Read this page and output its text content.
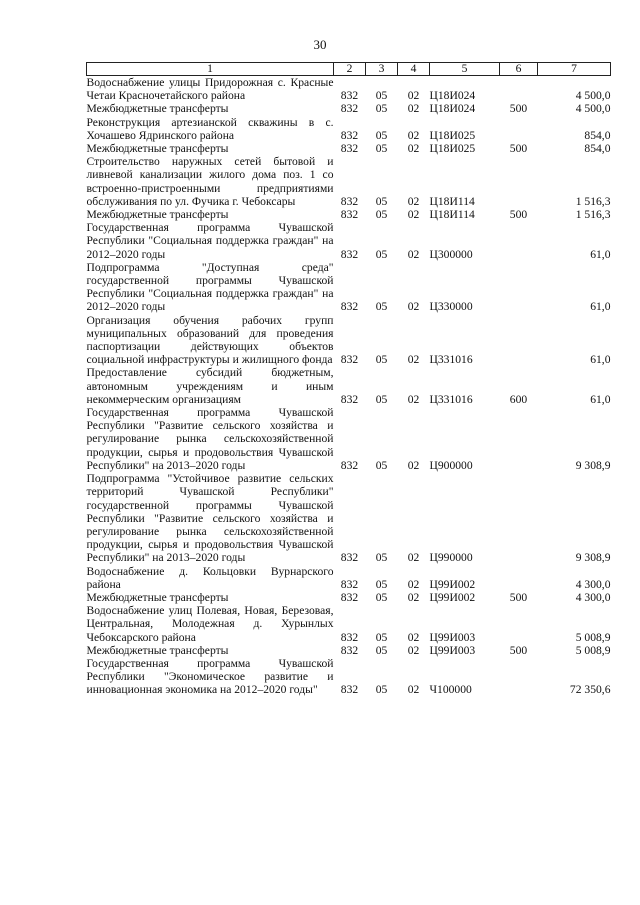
30
1	2	3	4	5	6	7
Водоснабжение улицы Придорожная с. Красные Четаи Красночетайского района	832	05	02	Ц18И024		4 500,0
Межбюджетные трансферты	832	05	02	Ц18И024	500	4 500,0
Реконструкция артезианской скважины в с. Хочашево Ядринского района	832	05	02	Ц18И025		854,0
Межбюджетные трансферты	832	05	02	Ц18И025	500	854,0
Строительство наружных сетей бытовой и ливневой канализации жилого дома поз. 1 со встроенно-пристроенными предприятиями обслуживания по ул. Фучика г. Чебоксары	832	05	02	Ц18И114		1 516,3
Межбюджетные трансферты	832	05	02	Ц18И114	500	1 516,3
Государственная программа Чувашской Республики "Социальная поддержка граждан" на 2012–2020 годы	832	05	02	Ц300000		61,0
Подпрограмма "Доступная среда" государственной программы Чувашской Республики "Социальная поддержка граждан" на 2012–2020 годы	832	05	02	Ц330000		61,0
Организация обучения рабочих групп муниципальных образований для проведения паспортизации действующих объектов социальной инфраструктуры и жилищного фонда	832	05	02	Ц331016		61,0
Предоставление субсидий бюджетным, автономным учреждениям и иным некоммерческим организациям	832	05	02	Ц331016	600	61,0
Государственная программа Чувашской Республики "Развитие сельского хозяйства и регулирование рынка сельскохозяйственной продукции, сырья и продовольствия Чувашской Республики" на 2013–2020 годы	832	05	02	Ц900000		9 308,9
Подпрограмма "Устойчивое развитие сельских территорий Чувашской Республики" государственной программы Чувашской Республики "Развитие сельского хозяйства и регулирование рынка сельскохозяйственной продукции, сырья и продовольствия Чувашской Республики" на 2013–2020 годы	832	05	02	Ц990000		9 308,9
Водоснабжение д. Кольцовки Вурнарского района	832	05	02	Ц99И002		4 300,0
Межбюджетные трансферты	832	05	02	Ц99И002	500	4 300,0
Водоснабжение улиц Полевая, Новая, Березовая, Центральная, Молодежная д. Хурынлых Чебоксарского района	832	05	02	Ц99И003		5 008,9
Межбюджетные трансферты	832	05	02	Ц99И003	500	5 008,9
Государственная программа Чувашской Республики "Экономическое развитие и инновационная экономика на 2012–2020 годы"	832	05	02	Ч100000		72 350,6
